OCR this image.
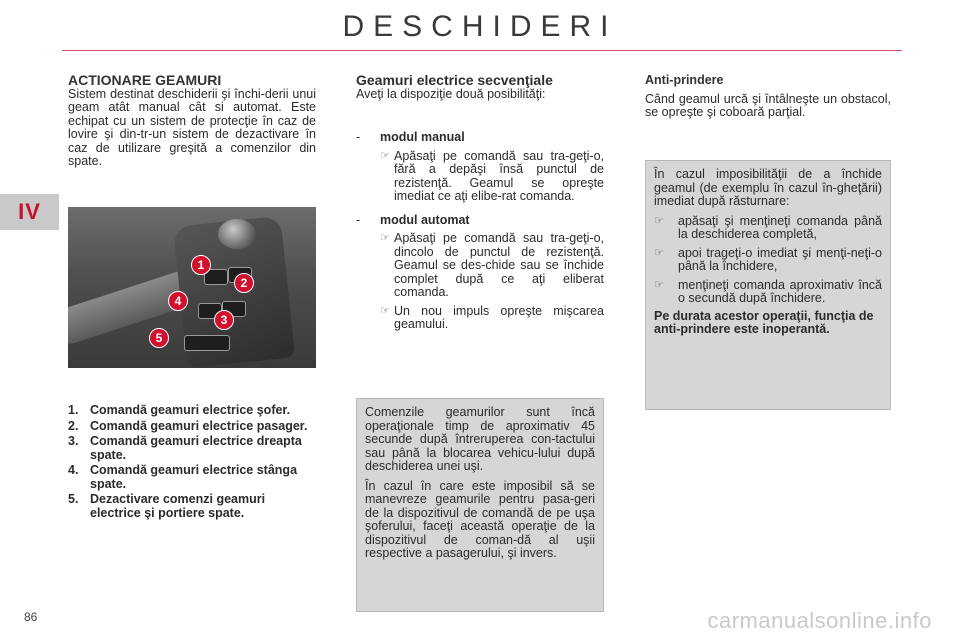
DESCHIDERI
IV

ACTIONARE GEAMURI

Sistem destinat deschiderii şi închi-derii unui geam atât manual cât si automat. Este echipat cu un sistem de protecţie în caz de lovire şi din-tr-un sistem de dezactivare în caz de utilizare greşită a comenzilor din spate.

1
2
3
4
5
1. Comandă geamuri electrice şofer.
2. Comandă geamuri electrice pasager.
3. Comandă geamuri electrice dreapta spate.
4. Comandă geamuri electrice stânga spate.
5. Dezactivare comenzi geamuri electrice şi portiere spate.

Geamuri electrice secvenţiale

Aveţi la dispoziţie două posibilităţi:

-	modul manual
☞ Apăsaţi pe comandă sau tra-geţi-o, fără a depăşi însă punctul de rezistenţă. Geamul se opreşte imediat ce aţi elibe-rat comanda.
-	modul automat
☞ Apăsaţi pe comandă sau tra-geţi-o, dincolo de punctul de rezistenţă. Geamul se des-chide sau se închide complet după ce aţi eliberat comanda.
☞ Un nou impuls opreşte mişcarea geamului.

Comenzile geamurilor sunt încă operaţionale timp de aproximativ 45 secunde după întreruperea con-tactului sau până la blocarea vehicu-lului după deschiderea unei uşi.

În cazul în care este imposibil să se manevreze geamurile pentru pasa-geri de la dispozitivul de comandă de pe uşa şoferului, faceţi această operaţie de la dispozitivul de coman-dă al uşii respective a pasagerului, şi invers.

Anti-prindere

Când geamul urcă şi întâlneşte un obstacol, se opreşte şi coboară parţial.

În cazul imposibilităţii de a închide geamul (de exemplu în cazul în-gheţării) imediat după răsturnare:

☞	apăsaţi şi menţineţi comanda până la deschiderea completă,
☞	apoi trageţi-o imediat şi menţi-neţi-o până la închidere,
☞	menţineţi comanda aproximativ încă o secundă după închidere.

Pe durata acestor operaţii, funcţia de anti-prindere este inoperantă.

86	carmanualsonline.info
